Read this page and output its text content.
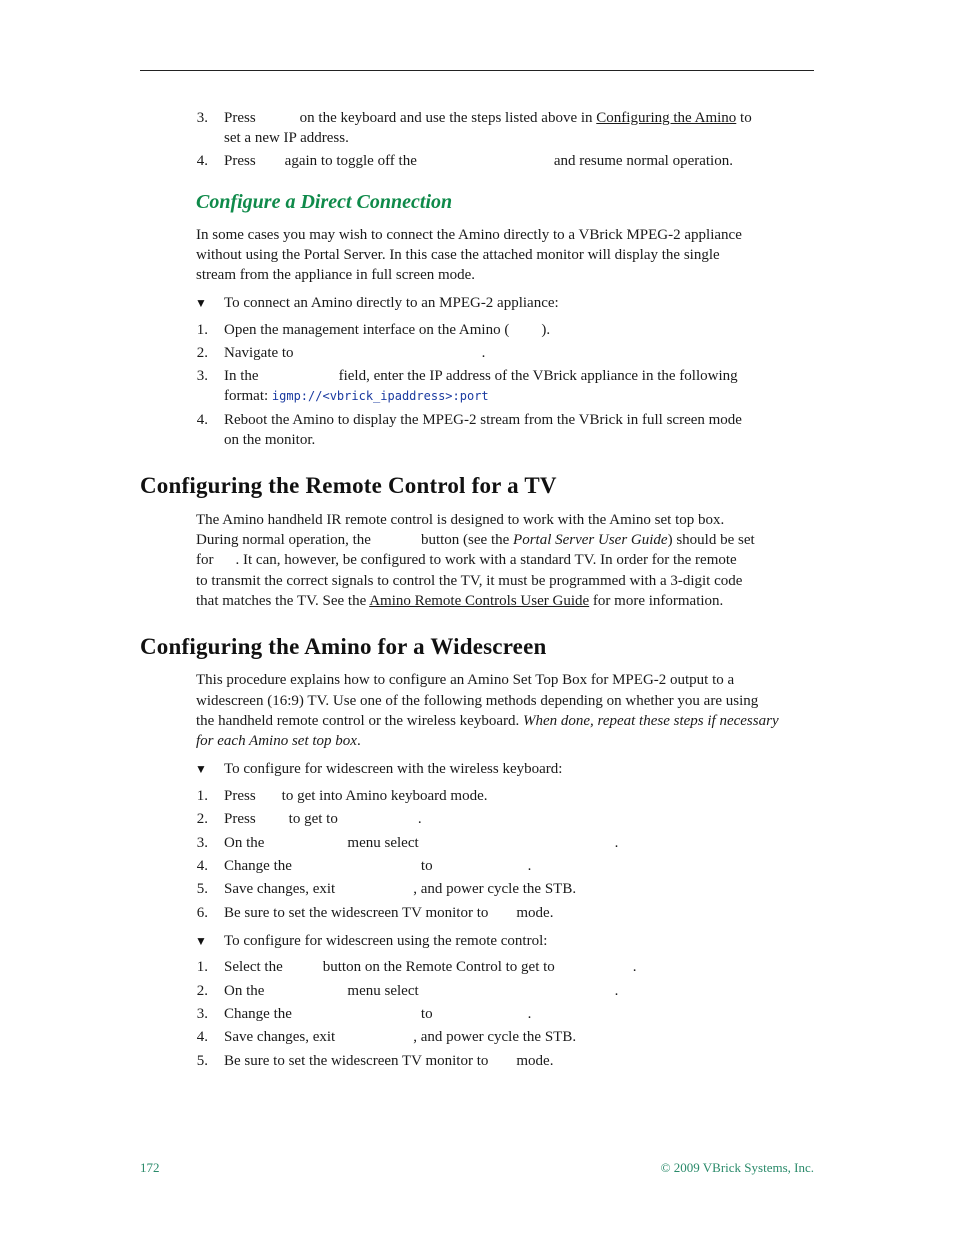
3. Press	on the keyboard and use the steps listed above in Configuring the Amino to
set a new IP address.
4. Press again to toggle off the	and resume normal operation.
Configure a Direct Connection
In some cases you may wish to connect the Amino directly to a VBrick MPEG-2 appliance
without using the Portal Server. In this case the attached monitor will display the single
stream from the appliance in full screen mode.
▼ To connect an Amino directly to an MPEG-2 appliance:
1. Open the management interface on the Amino ( ).
2. Navigate to	.
3. In the	field, enter the IP address of the VBrick appliance in the following
format: igmp://<vbrick_ipaddress>:port
4. Reboot the Amino to display the MPEG-2 stream from the VBrick in full screen mode
on the monitor.
Configuring the Remote Control for a TV
The Amino handheld IR remote control is designed to work with the Amino set top box.
During normal operation, the	button (see the Portal Server User Guide) should be set
for . It can, however, be configured to work with a standard TV. In order for the remote
to transmit the correct signals to control the TV, it must be programmed with a 3-digit code
that matches the TV. See the Amino Remote Controls User Guide for more information.
Configuring the Amino for a Widescreen
This procedure explains how to configure an Amino Set Top Box for MPEG-2 output to a
widescreen (16:9) TV. Use one of the following methods depending on whether you are using
the handheld remote control or the wireless keyboard. When done, repeat these steps if necessary
for each Amino set top box.
▼ To configure for widescreen with the wireless keyboard:
1. Press to get into Amino keyboard mode.
2. Press to get to	.
3. On the	menu select	.
4. Change the	to	.
5. Save changes, exit	, and power cycle the STB.
6. Be sure to set the widescreen TV monitor to mode.
▼ To configure for widescreen using the remote control:
1. Select the	button on the Remote Control to get to	.
2. On the	menu select	.
3. Change the	to	.
4. Save changes, exit	, and power cycle the STB.
5. Be sure to set the widescreen TV monitor to mode.
172	© 2009 VBrick Systems, Inc.
